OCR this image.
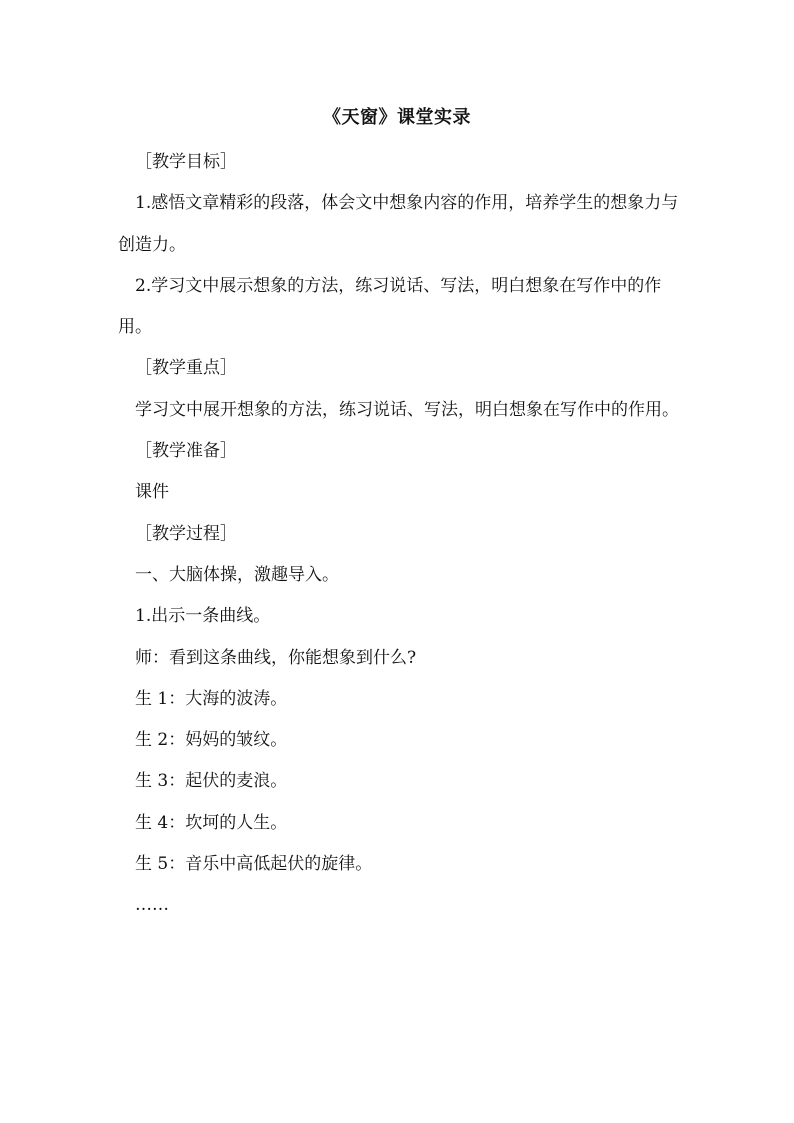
《天窗》课堂实录

［教学目标］

1.感悟文章精彩的段落，体会文中想象内容的作用，培养学生的想象力与创造力。

2.学习文中展示想象的方法，练习说话、写法，明白想象在写作中的作用。

［教学重点］

学习文中展开想象的方法，练习说话、写法，明白想象在写作中的作用。

［教学准备］

课件

［教学过程］

一、大脑体操，激趣导入。

1.出示一条曲线。

师：看到这条曲线，你能想象到什么?

生 1：大海的波涛。

生 2：妈妈的皱纹。

生 3：起伏的麦浪。

生 4：坎坷的人生。

生 5：音乐中高低起伏的旋律。

……
